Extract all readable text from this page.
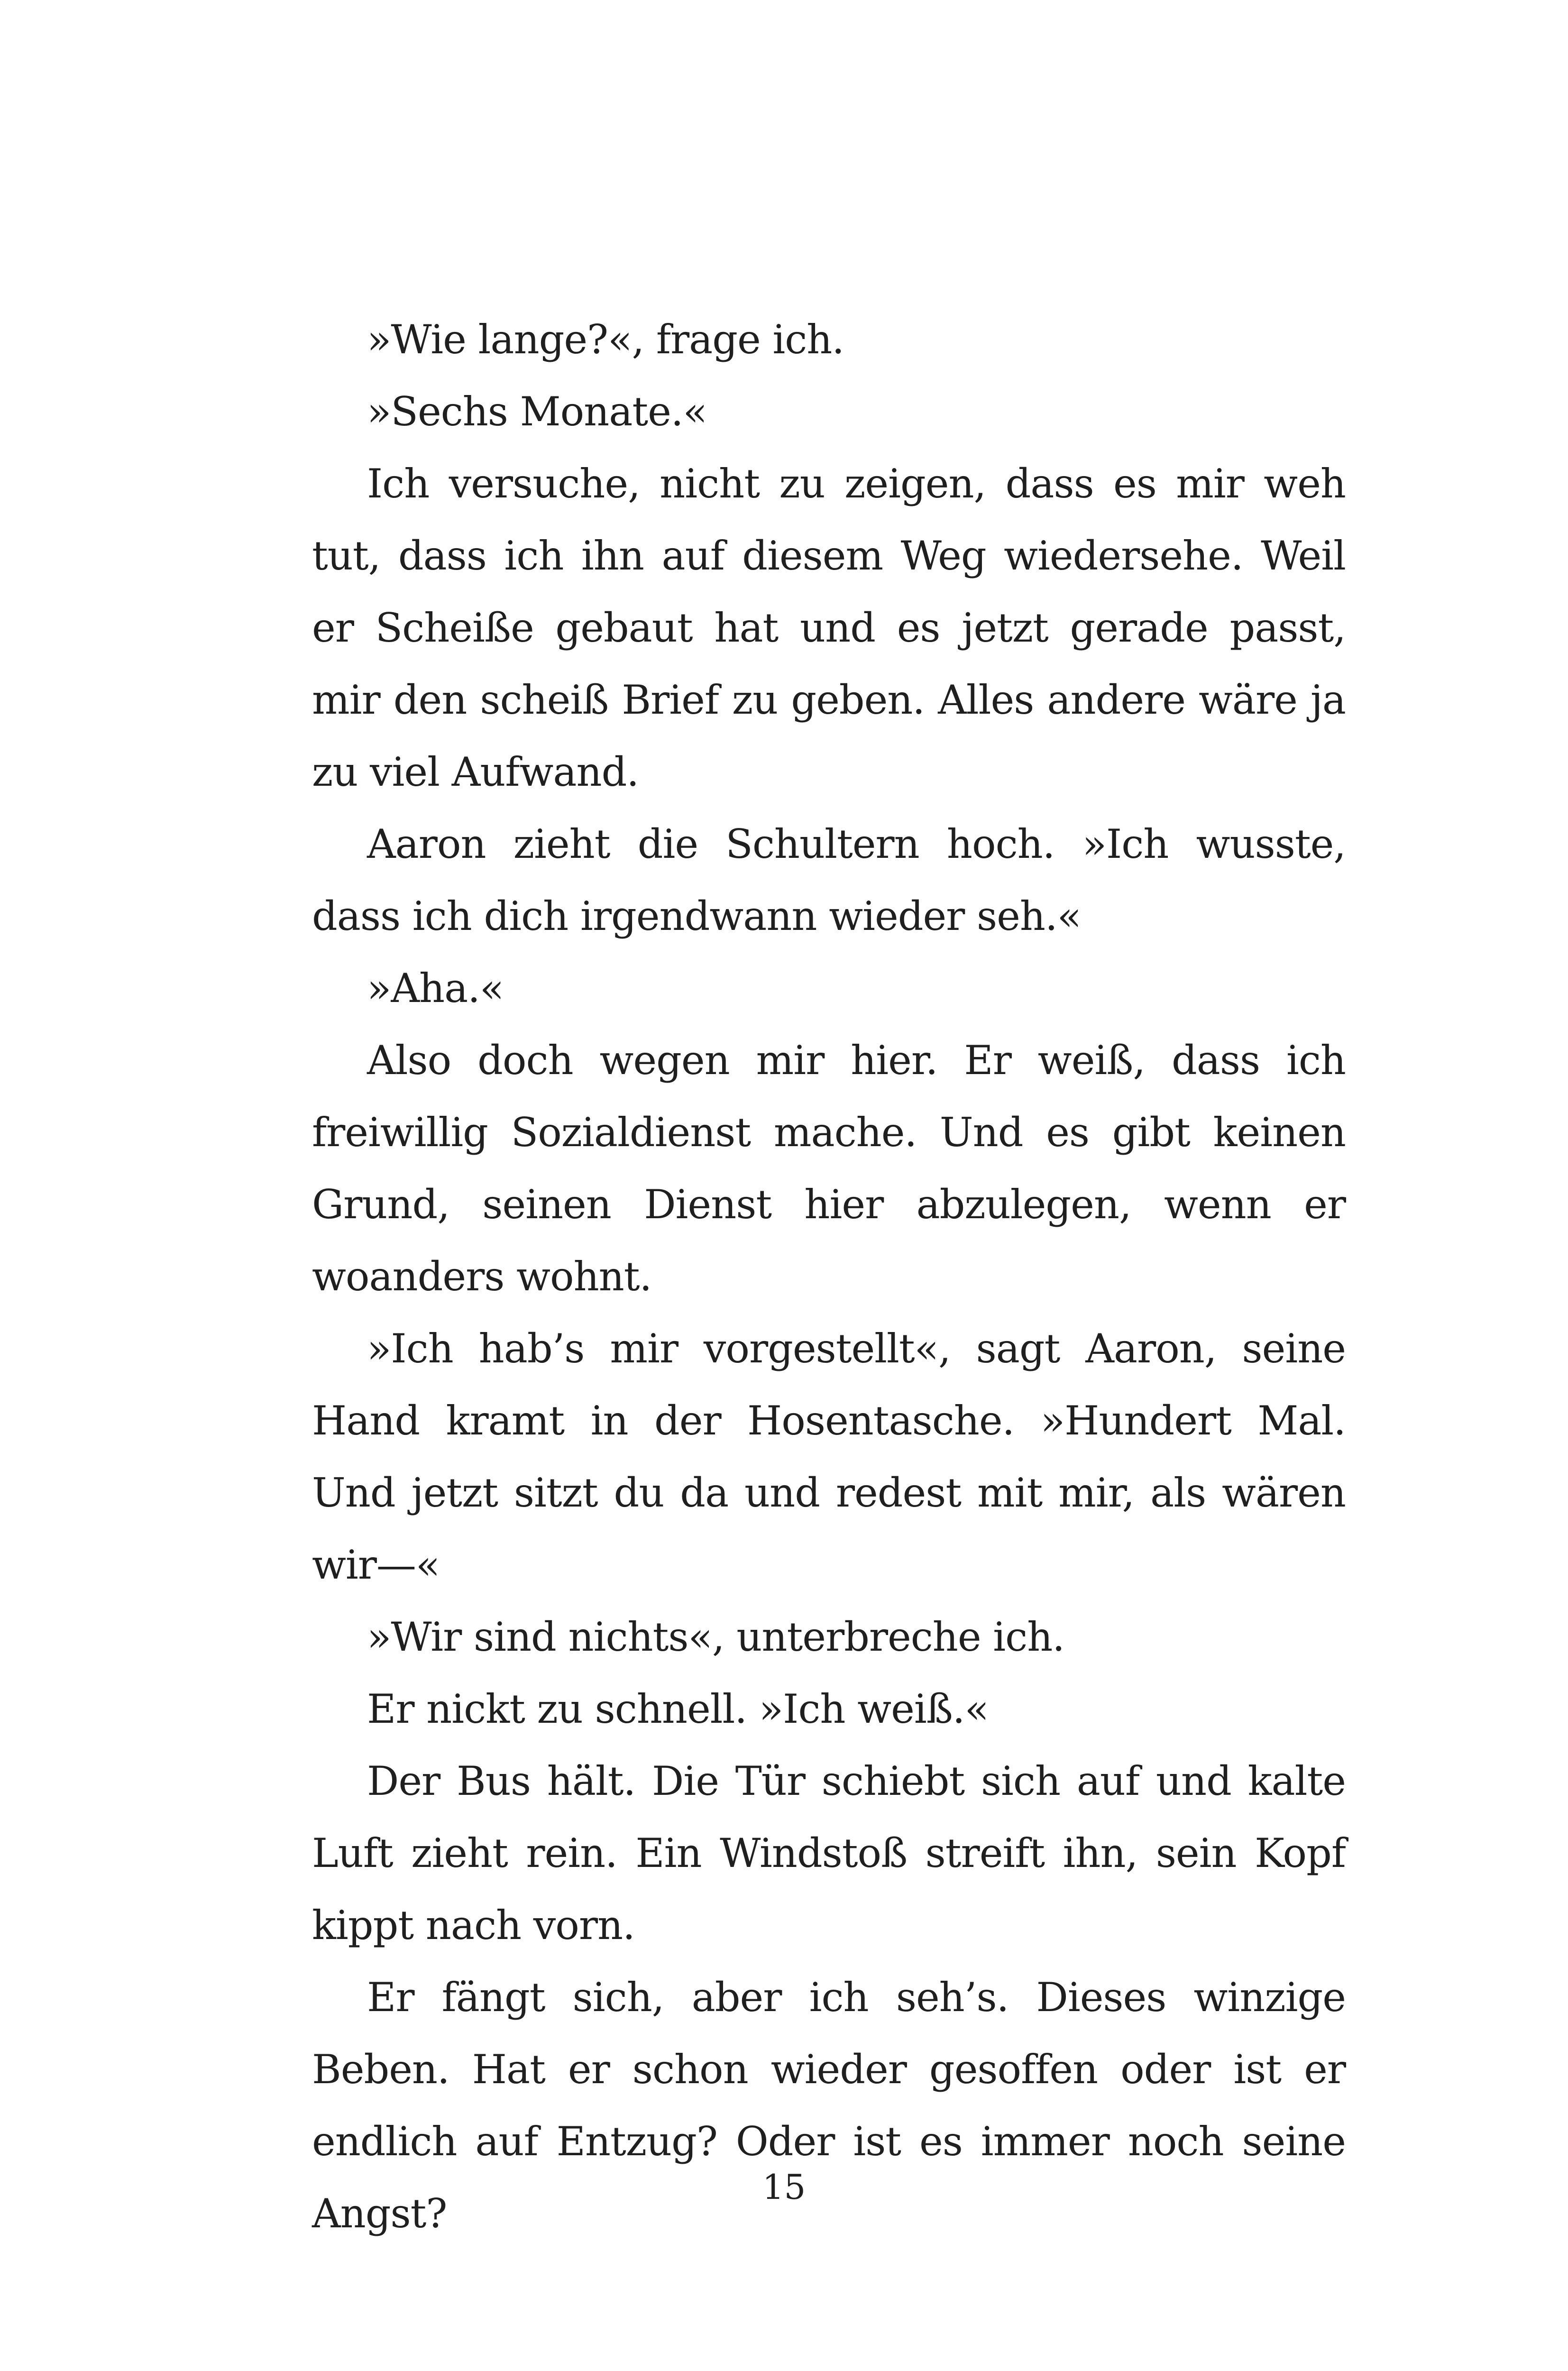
»Wie lange?«, frage ich.

»Sechs Monate.«

Ich versuche, nicht zu zeigen, dass es mir weh tut, dass ich ihn auf diesem Weg wiedersehe. Weil er Scheiße gebaut hat und es jetzt gerade passt, mir den scheiß Brief zu geben. Alles andere wäre ja zu viel Aufwand.

Aaron zieht die Schultern hoch. »Ich wusste, dass ich dich irgendwann wieder seh.«

»Aha.«

Also doch wegen mir hier. Er weiß, dass ich freiwillig Sozialdienst mache. Und es gibt keinen Grund, seinen Dienst hier abzulegen, wenn er woanders wohnt.

»Ich hab’s mir vorgestellt«, sagt Aaron, seine Hand kramt in der Hosentasche. »Hundert Mal. Und jetzt sitzt du da und redest mit mir, als wären wir—«

»Wir sind nichts«, unterbreche ich.

Er nickt zu schnell. »Ich weiß.«

Der Bus hält. Die Tür schiebt sich auf und kalte Luft zieht rein. Ein Windstoß streift ihn, sein Kopf kippt nach vorn.

Er fängt sich, aber ich seh’s. Dieses winzige Beben. Hat er schon wieder gesoffen oder ist er endlich auf Entzug? Oder ist es immer noch seine Angst?

15
